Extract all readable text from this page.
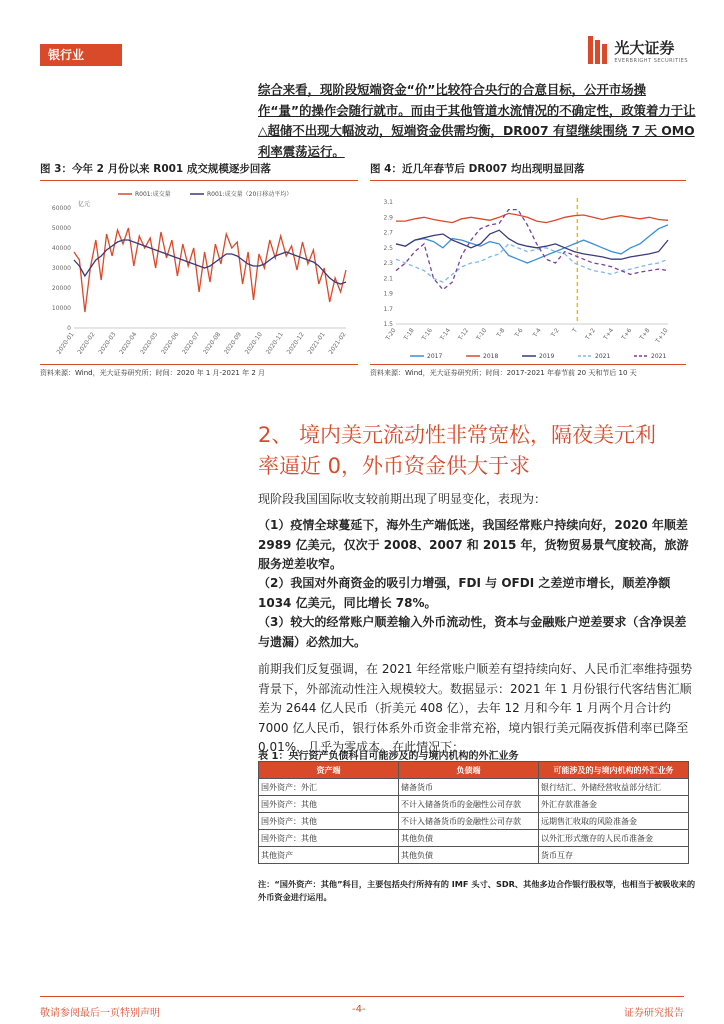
银行业	光大证券
EVERBRIGHT SECURITIES
综合来看，现阶段短端资金“价”比较符合央行的合意目标，公开市场操作“量”的操作会随行就市。而由于其他管道水流情况的不确定性，政策着力于让△超储不出现大幅波动，短端资金供需均衡，DR007 有望继续围绕 7 天 OMO 利率震荡运行。
图 3：今年 2 月份以来 R001 成交规模逐步回落
60000
50000
40000
30000
20000
10000
0
亿元
2020-01 2020-02 2020-03 2020-04 2020-05 2020-06 2020-07 2020-08 2020-09 2020-10 2020-11 2020-12 2021-01 2021-02
R001:成交量	R001:成交量（20日移动平均）
资料来源：Wind，光大证券研究所；时间：2020 年 1 月-2021 年 2 月
图 4：近几年春节后 DR007 均出现明显回落
3.1
2.9
2.7
2.5
2.3
2.1
1.9
1.7
1.5
T-20 T-18 T-16 T-14 T-12 T-10 T-8 T-6 T-4 T-2 T T+2 T+4 T+6 T+8 T+10
2017	2018	2019	2021	2021
资料来源：Wind，光大证券研究所；时间：2017-2021 年春节前 20 天和节后 10 天
2、 境内美元流动性非常宽松，隔夜美元利
率逼近 0，外币资金供大于求
现阶段我国国际收支较前期出现了明显变化，表现为：
（1）疫情全球蔓延下，海外生产端低迷，我国经常账户持续向好，2020 年顺差 2989 亿美元，仅次于 2008、2007 和 2015 年，货物贸易景气度较高，旅游服务逆差收窄。
（2）我国对外商资金的吸引力增强，FDI 与 OFDI 之差逆市增长，顺差净额 1034 亿美元，同比增长 78%。
（3）较大的经常账户顺差输入外币流动性，资本与金融账户逆差要求（含净误差与遗漏）必然加大。
前期我们反复强调，在 2021 年经常账户顺差有望持续向好、人民币汇率维持强势背景下，外部流动性注入规模较大。数据显示：2021 年 1 月份银行代客结售汇顺差为 2644 亿人民币（折美元 408 亿），去年 12 月和今年 1 月两个月合计约 7000 亿人民币，银行体系外币资金非常充裕，境内银行美元隔夜拆借利率已降至 0.01%，几乎为零成本。在此情况下：
表 1：央行资产负债科目可能涉及的与境内机构的外汇业务
资产端	负债端	可能涉及的与境内机构的外汇业务
国外资产：外汇	储备货币	银行结汇、外储经营收益部分结汇
国外资产：其他	不计入储备货币的金融性公司存款	外汇存款准备金
国外资产：其他	不计入储备货币的金融性公司存款	远期售汇收取的风险准备金
国外资产：其他	其他负债	以外汇形式缴存的人民币准备金
其他资产	其他负债	货币互存
注：“国外资产：其他”科目，主要包括央行所持有的 IMF 头寸、SDR、其他多边合作银行股权等，也相当于被吸收来的外币资金进行运用。
敬请参阅最后一页特别声明	-4-	证券研究报告
